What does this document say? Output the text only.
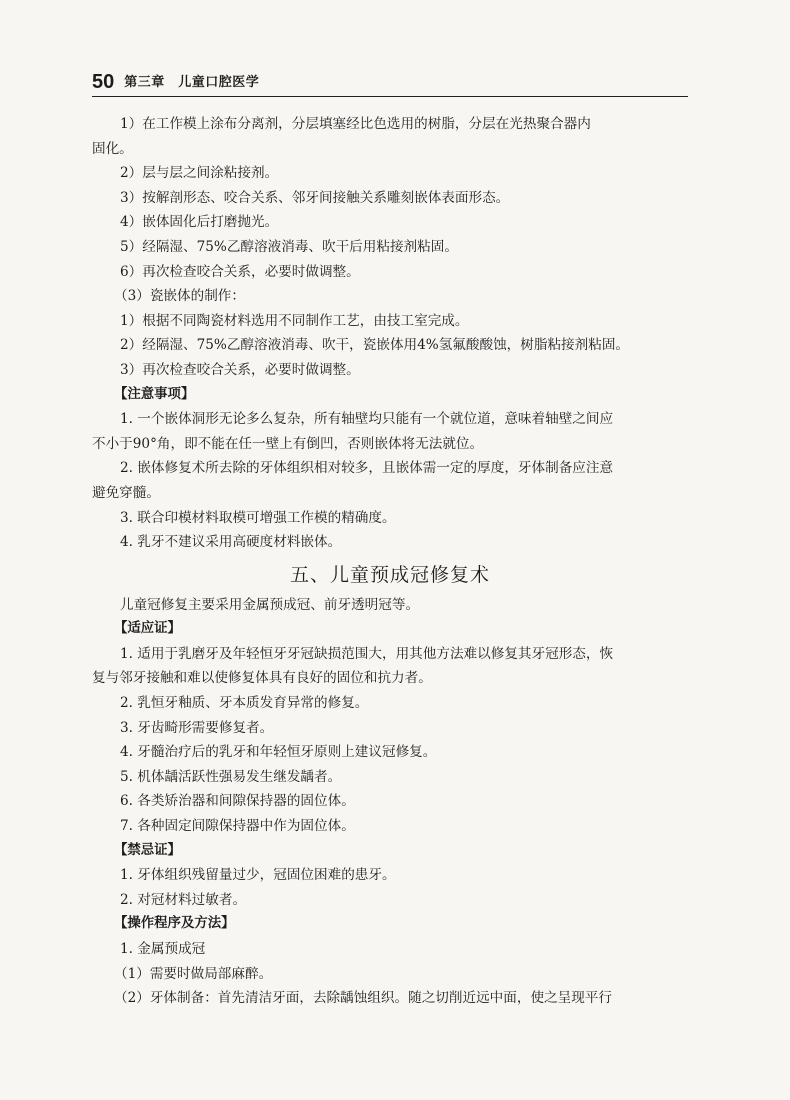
50 第三章　儿童口腔医学
1）在工作模上涂布分离剂，分层填塞经比色选用的树脂，分层在光热聚合器内
固化。
2）层与层之间涂粘接剂。
3）按解剖形态、咬合关系、邻牙间接触关系雕刻嵌体表面形态。
4）嵌体固化后打磨抛光。
5）经隔湿、75%乙醇溶液消毒、吹干后用粘接剂粘固。
6）再次检查咬合关系，必要时做调整。
（3）瓷嵌体的制作：
1）根据不同陶瓷材料选用不同制作工艺，由技工室完成。
2）经隔湿、75%乙醇溶液消毒、吹干，瓷嵌体用4%氢氟酸酸蚀，树脂粘接剂粘固。
3）再次检查咬合关系，必要时做调整。
【注意事项】
1. 一个嵌体洞形无论多么复杂，所有轴壁均只能有一个就位道，意味着轴壁之间应
不小于90°角，即不能在任一壁上有倒凹，否则嵌体将无法就位。
2. 嵌体修复术所去除的牙体组织相对较多，且嵌体需一定的厚度，牙体制备应注意
避免穿髓。
3. 联合印模材料取模可增强工作模的精确度。
4. 乳牙不建议采用高硬度材料嵌体。
五、儿童预成冠修复术
儿童冠修复主要采用金属预成冠、前牙透明冠等。
【适应证】
1. 适用于乳磨牙及年轻恒牙牙冠缺损范围大，用其他方法难以修复其牙冠形态，恢
复与邻牙接触和难以使修复体具有良好的固位和抗力者。
2. 乳恒牙釉质、牙本质发育异常的修复。
3. 牙齿畸形需要修复者。
4. 牙髓治疗后的乳牙和年轻恒牙原则上建议冠修复。
5. 机体龋活跃性强易发生继发龋者。
6. 各类矫治器和间隙保持器的固位体。
7. 各种固定间隙保持器中作为固位体。
【禁忌证】
1. 牙体组织残留量过少，冠固位困难的患牙。
2. 对冠材料过敏者。
【操作程序及方法】
1. 金属预成冠
（1）需要时做局部麻醉。
（2）牙体制备：首先清洁牙面，去除龋蚀组织。随之切削近远中面，使之呈现平行
